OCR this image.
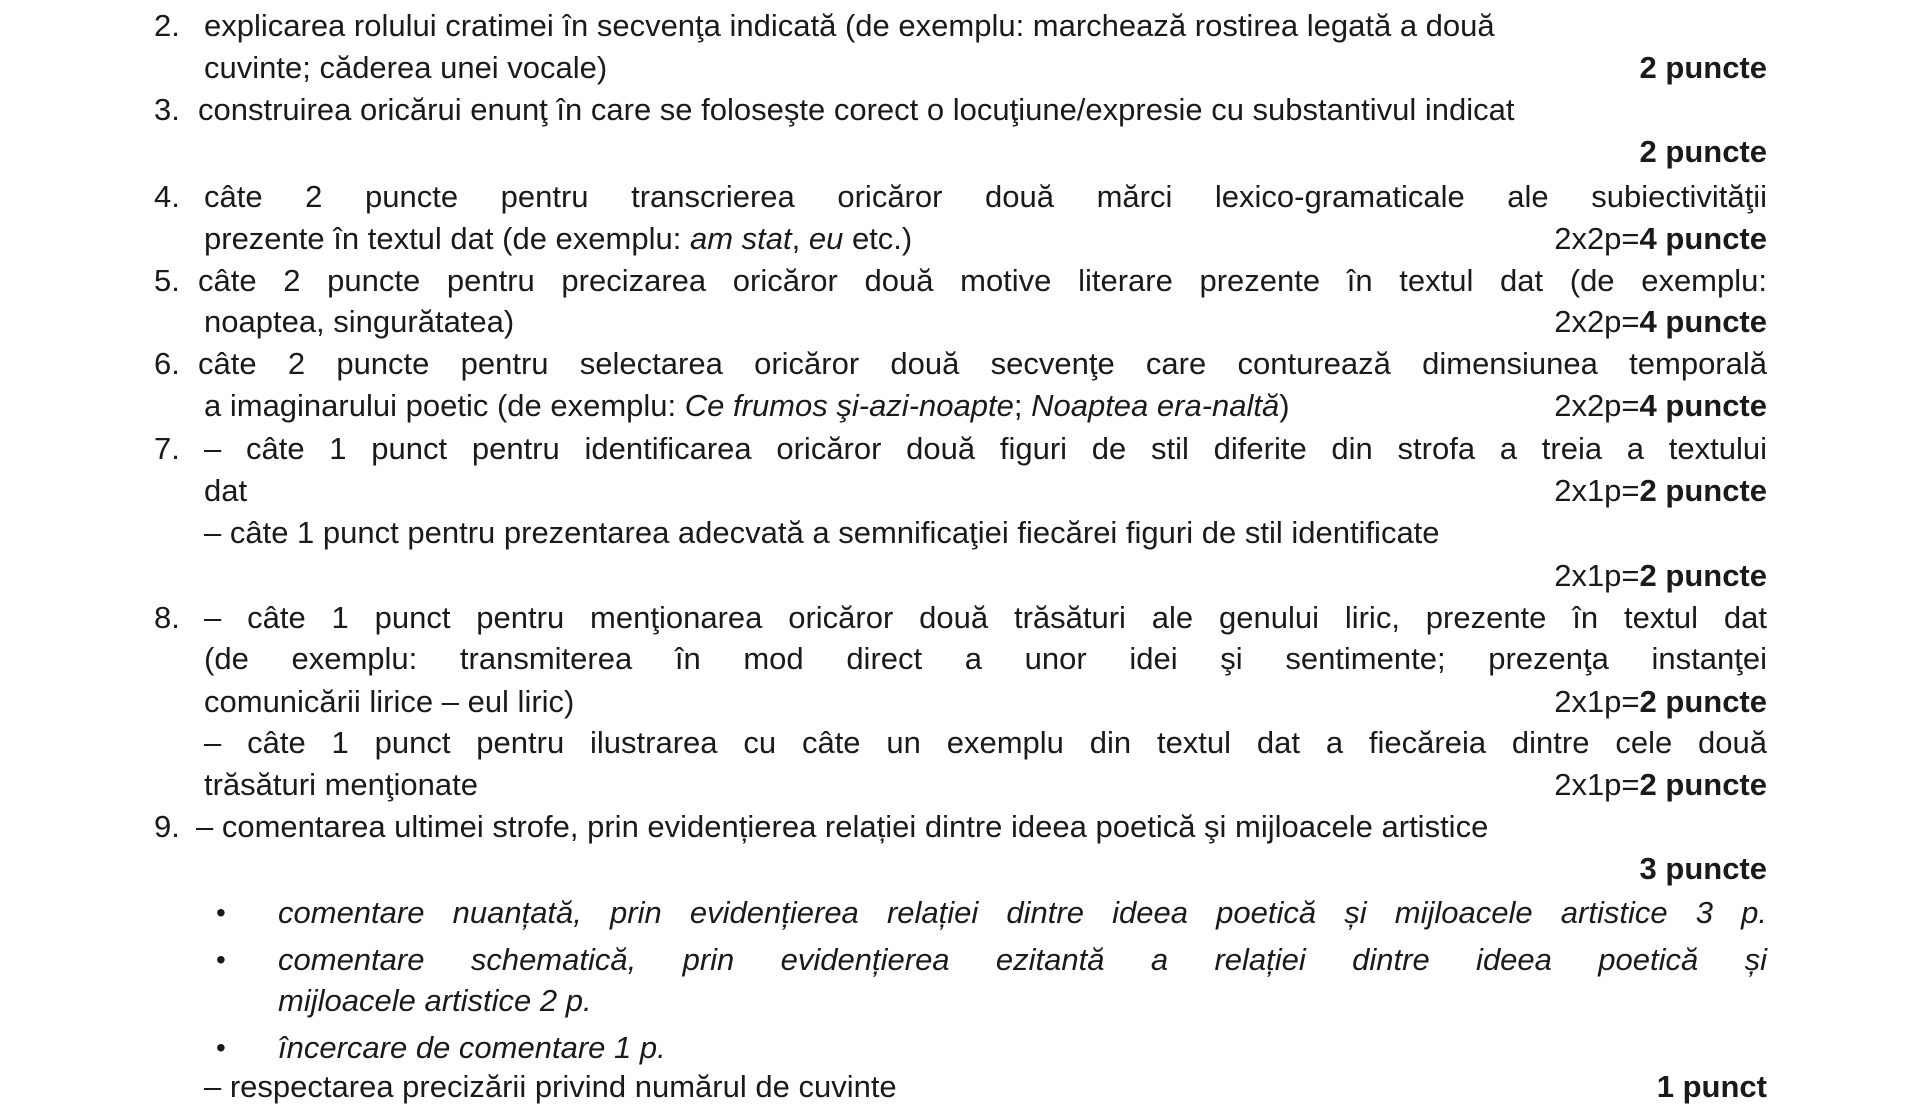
2. explicarea rolului cratimei în secvenţa indicată (de exemplu: marchează rostirea legată a două
cuvinte; căderea unei vocale)	2 puncte
3. construirea oricărui enunţ în care se foloseşte corect o locuţiune/expresie cu substantivul indicat
2 puncte
4. câte 2 puncte pentru transcrierea oricăror două mărci lexico-gramaticale ale subiectivităţii
prezente în textul dat (de exemplu: am stat, eu etc.)	2x2p=4 puncte
5. câte 2 puncte pentru precizarea oricăror două motive literare prezente în textul dat (de exemplu:
noaptea, singurătatea)	2x2p=4 puncte
6. câte 2 puncte pentru selectarea oricăror două secvenţe care conturează dimensiunea temporală
a imaginarului poetic (de exemplu: Ce frumos şi-azi-noapte; Noaptea era-naltă)	2x2p=4 puncte
7. – câte 1 punct pentru identificarea oricăror două figuri de stil diferite din strofa a treia a textului
dat	2x1p=2 puncte
– câte 1 punct pentru prezentarea adecvată a semnificaţiei fiecărei figuri de stil identificate
2x1p=2 puncte
8. – câte 1 punct pentru menţionarea oricăror două trăsături ale genului liric, prezente în textul dat
(de exemplu: transmiterea în mod direct a unor idei şi sentimente; prezenţa instanţei
comunicării lirice – eul liric)	2x1p=2 puncte
– câte 1 punct pentru ilustrarea cu câte un exemplu din textul dat a fiecăreia dintre cele două
trăsături menţionate	2x1p=2 puncte
9. – comentarea ultimei strofe, prin evidențierea relației dintre ideea poetică şi mijloacele artistice
3 puncte
• comentare nuanțată, prin evidențierea relației dintre ideea poetică și mijloacele artistice 3 p.
• comentare schematică, prin evidențierea ezitantă a relației dintre ideea poetică și
mijloacele artistice 2 p.
• încercare de comentare 1 p.
– respectarea precizării privind numărul de cuvinte	1 punct
